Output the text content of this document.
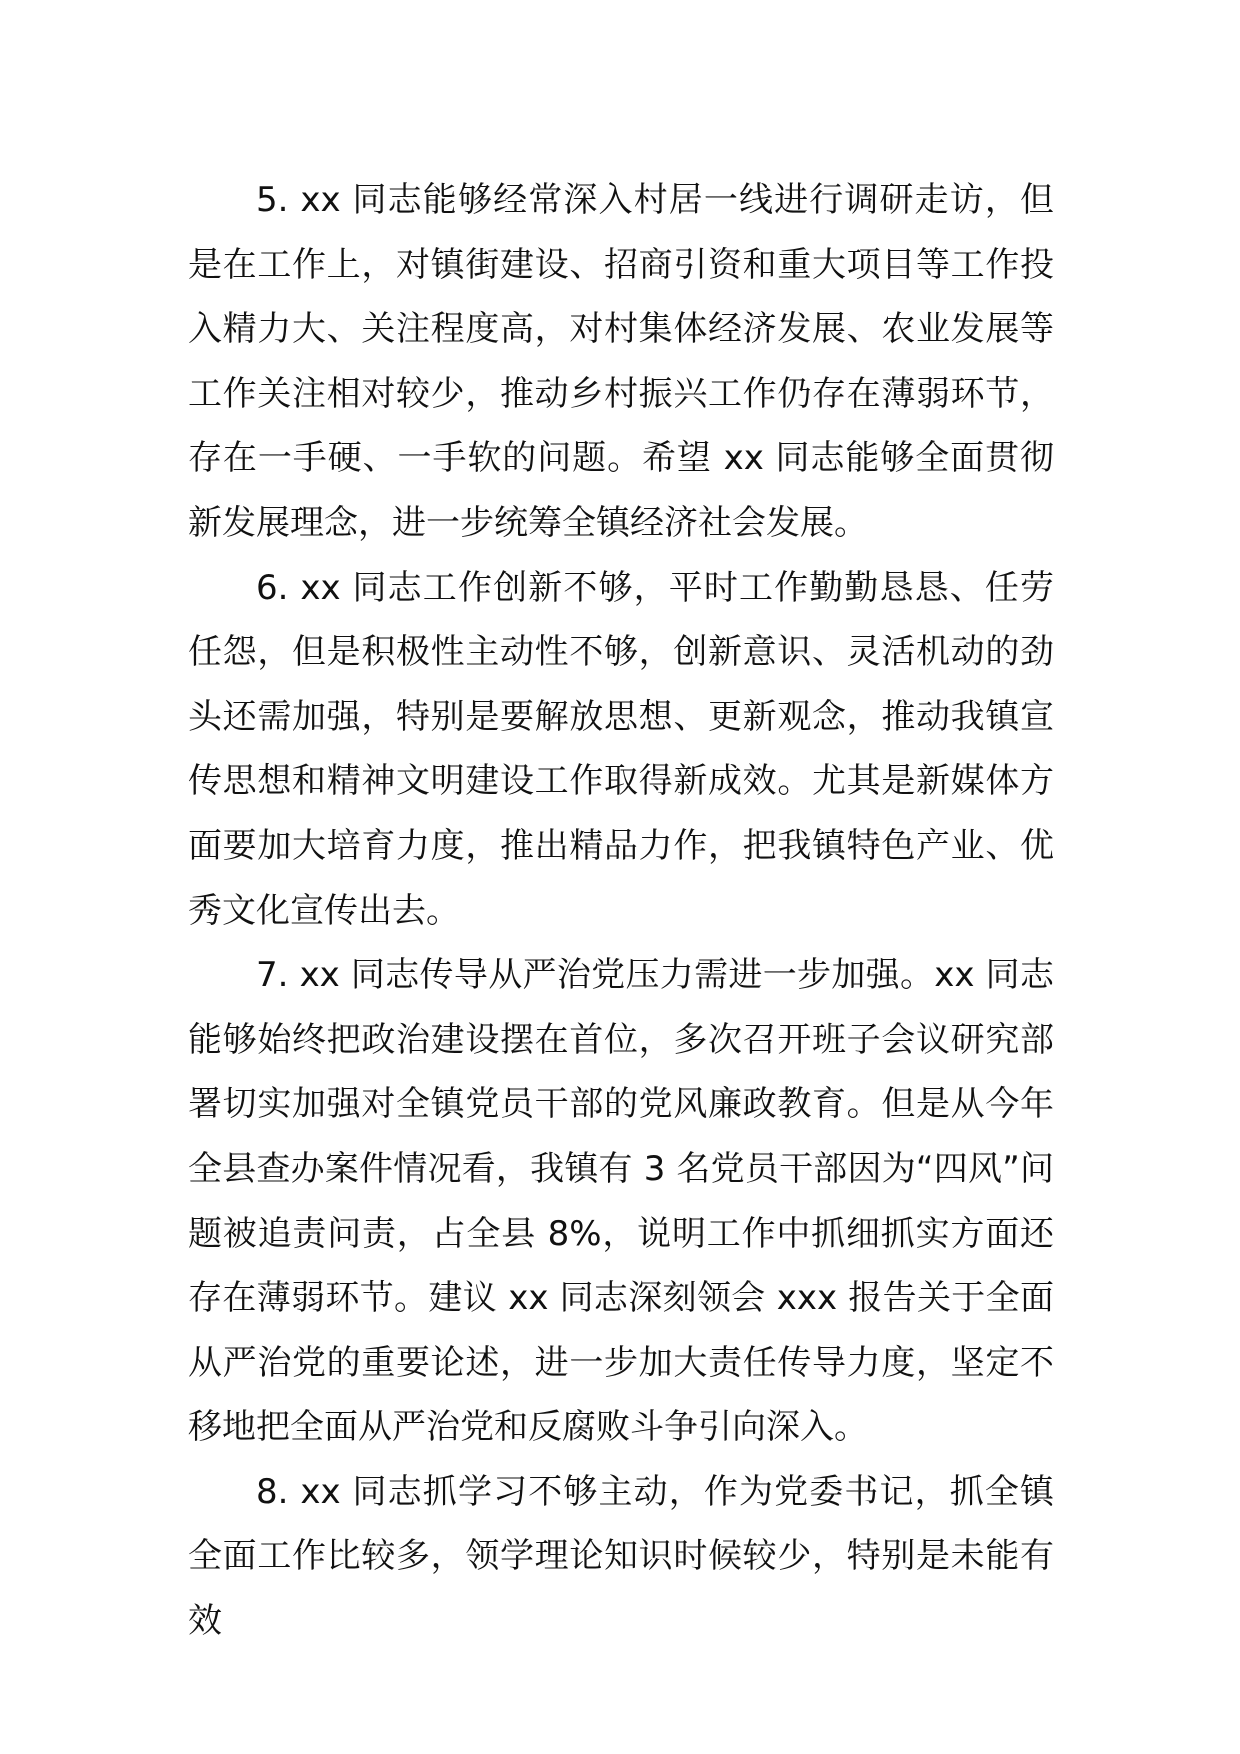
5. xx 同志能够经常深入村居一线进行调研走访，但是在工作上，对镇街建设、招商引资和重大项目等工作投入精力大、关注程度高，对村集体经济发展、农业发展等工作关注相对较少，推动乡村振兴工作仍存在薄弱环节，存在一手硬、一手软的问题。希望 xx 同志能够全面贯彻新发展理念，进一步统筹全镇经济社会发展。

6. xx 同志工作创新不够，平时工作勤勤恳恳、任劳任怨，但是积极性主动性不够，创新意识、灵活机动的劲头还需加强，特别是要解放思想、更新观念，推动我镇宣传思想和精神文明建设工作取得新成效。尤其是新媒体方面要加大培育力度，推出精品力作，把我镇特色产业、优秀文化宣传出去。

7. xx 同志传导从严治党压力需进一步加强。xx 同志能够始终把政治建设摆在首位，多次召开班子会议研究部署切实加强对全镇党员干部的党风廉政教育。但是从今年全县查办案件情况看，我镇有 3 名党员干部因为“四风”问题被追责问责，占全县 8%，说明工作中抓细抓实方面还存在薄弱环节。建议 xx 同志深刻领会 xxx 报告关于全面从严治党的重要论述，进一步加大责任传导力度，坚定不移地把全面从严治党和反腐败斗争引向深入。

8. xx 同志抓学习不够主动，作为党委书记，抓全镇全面工作比较多，领学理论知识时候较少，特别是未能有效
